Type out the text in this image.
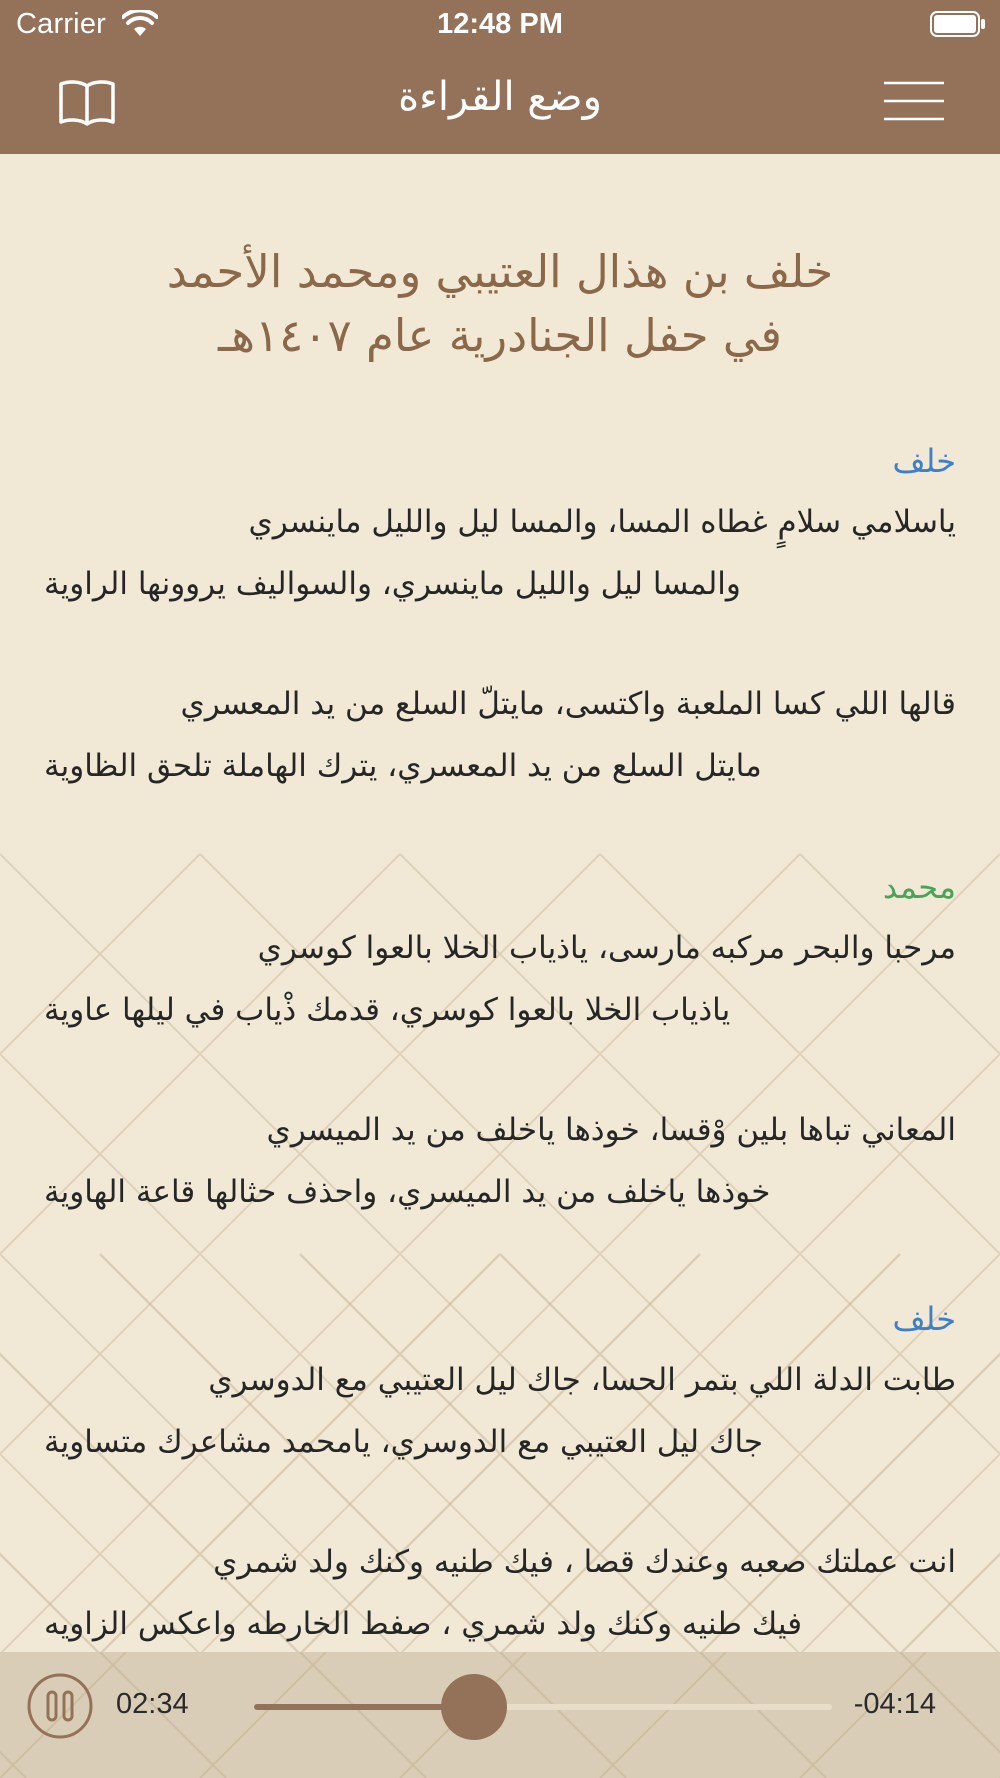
Carrier	12:48 PM
وضع القراءة
خلف بن هذال العتيبي ومحمد الأحمد
في حفل الجنادرية عام ١٤٠٧هـ
خلف
ياسلامي سلامٍ غطاه المسا، والمسا ليل والليل ماينسري
والمسا ليل والليل ماينسري، والسواليف يروونها الراوية
قالها اللي كسا الملعبة واكتسى، مايتلّ السلع من يد المعسري
مايتل السلع من يد المعسري، يترك الهاملة تلحق الظاوية
محمد
مرحبا والبحر مركبه مارسى، ياذياب الخلا بالعوا كوسري
ياذياب الخلا بالعوا كوسري، قدمك ذْياب في ليلها عاوية
المعاني تباها بلين وْقسا، خوذها ياخلف من يد الميسري
خوذها ياخلف من يد الميسري، واحذف حثالها قاعة الهاوية
خلف
طابت الدلة اللي بتمر الحسا، جاك ليل العتيبي مع الدوسري
جاك ليل العتيبي مع الدوسري، يامحمد مشاعرك متساوية
انت عملتك صعبه وعندك قصا ، فيك طنيه وكنك ولد شمري
فيك طنيه وكنك ولد شمري ، صفط الخارطه واعكس الزاويه
02:34	-04:14
